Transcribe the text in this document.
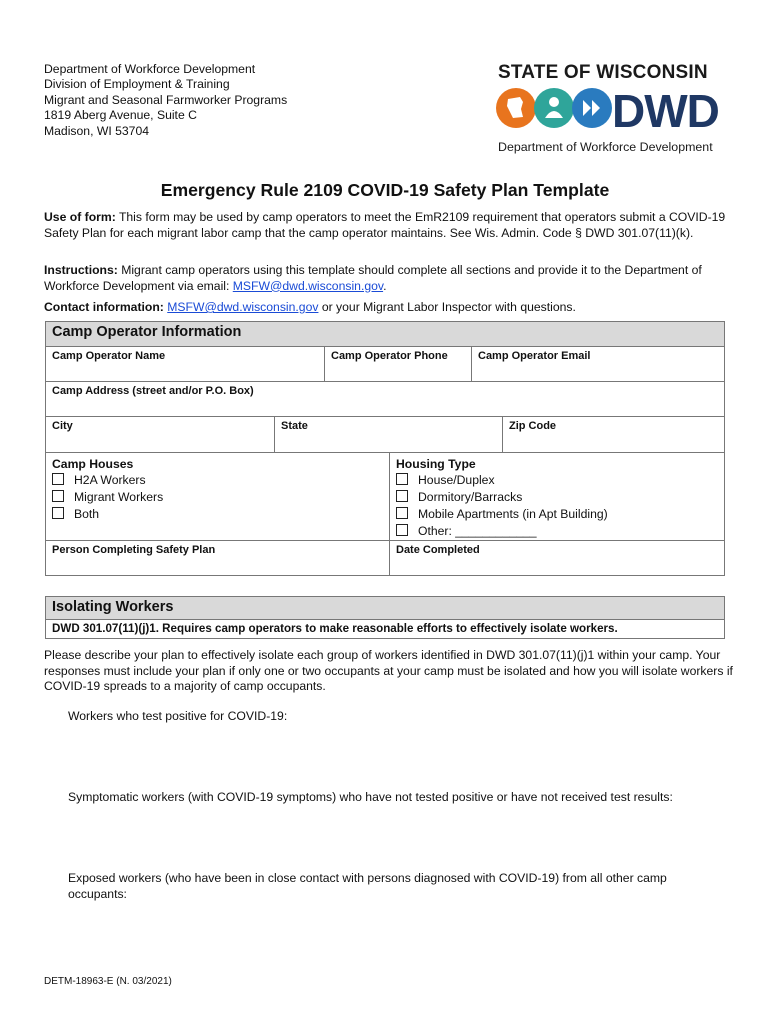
Department of Workforce Development
Division of Employment & Training
Migrant and Seasonal Farmworker Programs
1819 Aberg Avenue, Suite C
Madison, WI 53704
STATE OF WISCONSIN
DWD
Department of Workforce Development
Emergency Rule 2109 COVID-19 Safety Plan Template
Use of form: This form may be used by camp operators to meet the EmR2109 requirement that operators submit a COVID-19 Safety Plan for each migrant labor camp that the camp operator maintains. See Wis. Admin. Code § DWD 301.07(11)(k).
Instructions: Migrant camp operators using this template should complete all sections and provide it to the Department of Workforce Development via email: MSFW@dwd.wisconsin.gov.
Contact information: MSFW@dwd.wisconsin.gov or your Migrant Labor Inspector with questions.
Camp Operator Information
Camp Operator Name	Camp Operator Phone	Camp Operator Email
Camp Address (street and/or P.O. Box)
City	State	Zip Code
Camp Houses
H2A Workers
Migrant Workers
Both
Housing Type
House/Duplex
Dormitory/Barracks
Mobile Apartments (in Apt Building)
Other: ____________
Person Completing Safety Plan	Date Completed
Isolating Workers
DWD 301.07(11)(j)1. Requires camp operators to make reasonable efforts to effectively isolate workers.
Please describe your plan to effectively isolate each group of workers identified in DWD 301.07(11)(j)1 within your camp. Your responses must include your plan if only one or two occupants at your camp must be isolated and how you will isolate workers if COVID-19 spreads to a majority of camp occupants.
Workers who test positive for COVID-19:
Symptomatic workers (with COVID-19 symptoms) who have not tested positive or have not received test results:
Exposed workers (who have been in close contact with persons diagnosed with COVID-19) from all other camp occupants:
DETM-18963-E (N. 03/2021)
